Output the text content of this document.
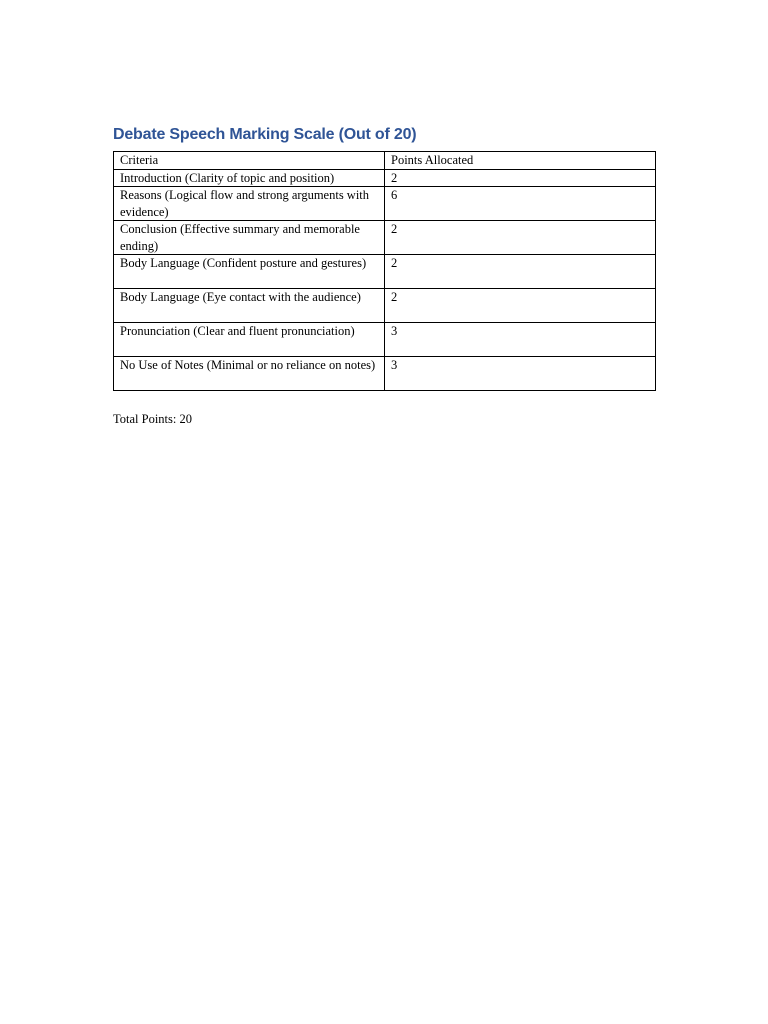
Debate Speech Marking Scale (Out of 20)
Criteria	Points Allocated
Introduction (Clarity of topic and position)	2
Reasons (Logical flow and strong arguments with evidence)	6
Conclusion (Effective summary and memorable ending)	2
Body Language (Confident posture and gestures)	2
Body Language (Eye contact with the audience)	2
Pronunciation (Clear and fluent pronunciation)	3
No Use of Notes (Minimal or no reliance on notes)	3
Total Points: 20
